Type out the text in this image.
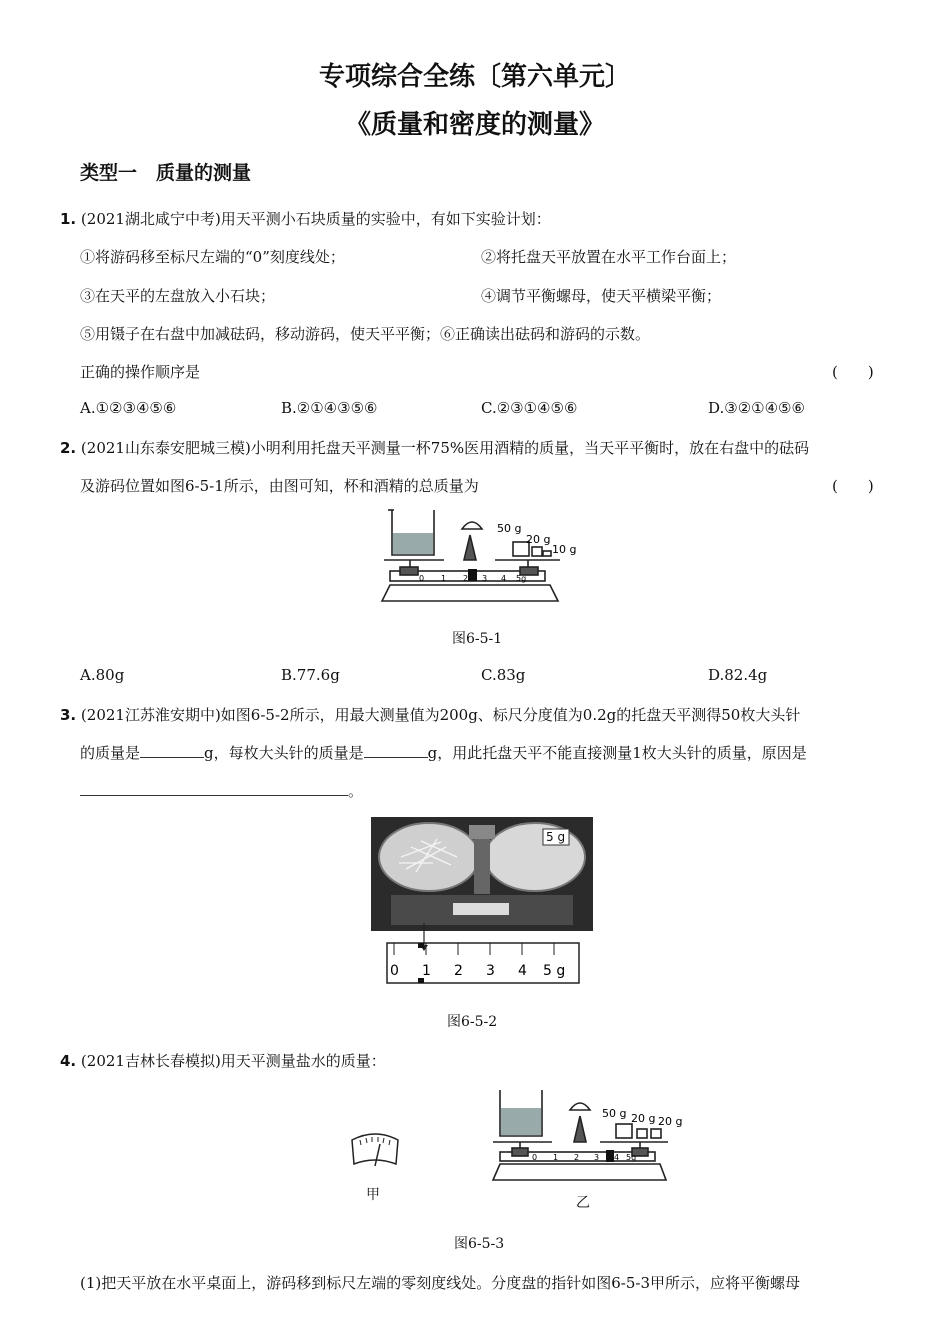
专项综合全练〔第六单元〕
《质量和密度的测量》
类型一　质量的测量
1. (2021湖北咸宁中考)用天平测小石块质量的实验中，有如下实验计划：
①将游码移至标尺左端的“0”刻度线处；	②将托盘天平放置在水平工作台面上；
③在天平的左盘放入小石块；	④调节平衡螺母，使天平横梁平衡；
⑤用镊子在右盘中加减砝码，移动游码，使天平平衡；⑥正确读出砝码和游码的示数。
正确的操作顺序是	(　　)
A.①②③④⑤⑥	B.②①④③⑤⑥	C.②③①④⑤⑥	D.③②①④⑤⑥
2. (2021山东泰安肥城三模)小明利用托盘天平测量一杯75%医用酒精的质量，当天平平衡时，放在右盘中的砝码
及游码位置如图6-5-1所示，由图可知，杯和酒精的总质量为	(　　)
50 g
20 g
10 g
0 1 2 3 4 5g
图6-5-1
A.80g	B.77.6g	C.83g	D.82.4g
3. (2021江苏淮安期中)如图6-5-2所示，用最大测量值为200g、标尺分度值为0.2g的托盘天平测得50枚大头针
的质量是	g，每枚大头针的质量是	g，用此托盘天平不能直接测量1枚大头针的质量，原因是
。
5 g
0 1 2 3 4 5 g
图6-5-2
4. (2021吉林长春模拟)用天平测量盐水的质量：
甲
50 g 20 g 20 g
0 1 2 3 4 5g
乙
图6-5-3
(1)把天平放在水平桌面上，游码移到标尺左端的零刻度线处。分度盘的指针如图6-5-3甲所示，应将平衡螺母
